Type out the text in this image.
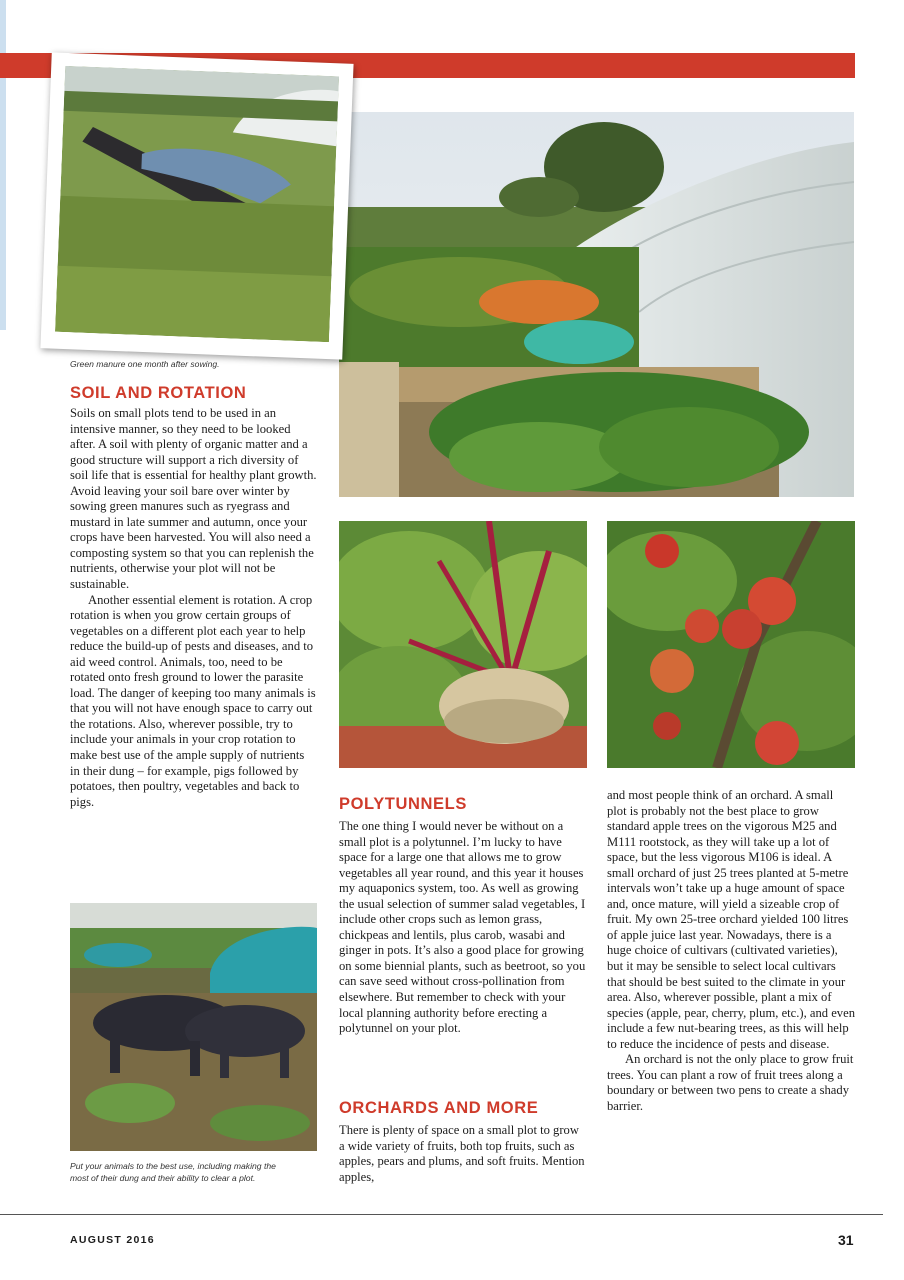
Green manure one month after sowing.
SOIL AND ROTATION

Soils on small plots tend to be used in an intensive manner, so they need to be looked after. A soil with plenty of organic matter and a good structure will support a rich diversity of soil life that is essential for healthy plant growth. Avoid leaving your soil bare over winter by sowing green manures such as ryegrass and mustard in late summer and autumn, once your crops have been harvested. You will also need a composting system so that you can replenish the nutrients, otherwise your plot will not be sustainable.

Another essential element is rotation. A crop rotation is when you grow certain groups of vegetables on a different plot each year to help reduce the build-up of pests and diseases, and to aid weed control. Animals, too, need to be rotated onto fresh ground to lower the parasite load. The danger of keeping too many animals is that you will not have enough space to carry out the rotations. Also, wherever possible, try to include your animals in your crop rotation to make best use of the ample supply of nutrients in their dung – for example, pigs followed by potatoes, then poultry, vegetables and back to pigs.

Put your animals to the best use, including making the
most of their dung and their ability to clear a plot.
POLYTUNNELS

The one thing I would never be without on a small plot is a polytunnel. I’m lucky to have space for a large one that allows me to grow vegetables all year round, and this year it houses my aquaponics system, too. As well as growing the usual selection of summer salad vegetables, I include other crops such as lemon grass, chickpeas and lentils, plus carob, wasabi and ginger in pots. It’s also a good place for growing on some biennial plants, such as beetroot, so you can save seed without cross-pollination from elsewhere. But remember to check with your local planning authority before erecting a polytunnel on your plot.

ORCHARDS AND MORE

There is plenty of space on a small plot to grow a wide variety of fruits, both top fruits, such as apples, pears and plums, and soft fruits. Mention apples,

and most people think of an orchard. A small plot is probably not the best place to grow standard apple trees on the vigorous M25 and M111 rootstock, as they will take up a lot of space, but the less vigorous M106 is ideal. A small orchard of just 25 trees planted at 5-metre intervals won’t take up a huge amount of space and, once mature, will yield a sizeable crop of fruit. My own 25-tree orchard yielded 100 litres of apple juice last year. Nowadays, there is a huge choice of cultivars (cultivated varieties), but it may be sensible to select local cultivars that should be best suited to the climate in your area. Also, wherever possible, plant a mix of species (apple, pear, cherry, plum, etc.), and even include a few nut-bearing trees, as this will help to reduce the incidence of pests and disease.

An orchard is not the only place to grow fruit trees. You can plant a row of fruit trees along a boundary or between two pens to create a shady barrier.

AUGUST 2016	31
